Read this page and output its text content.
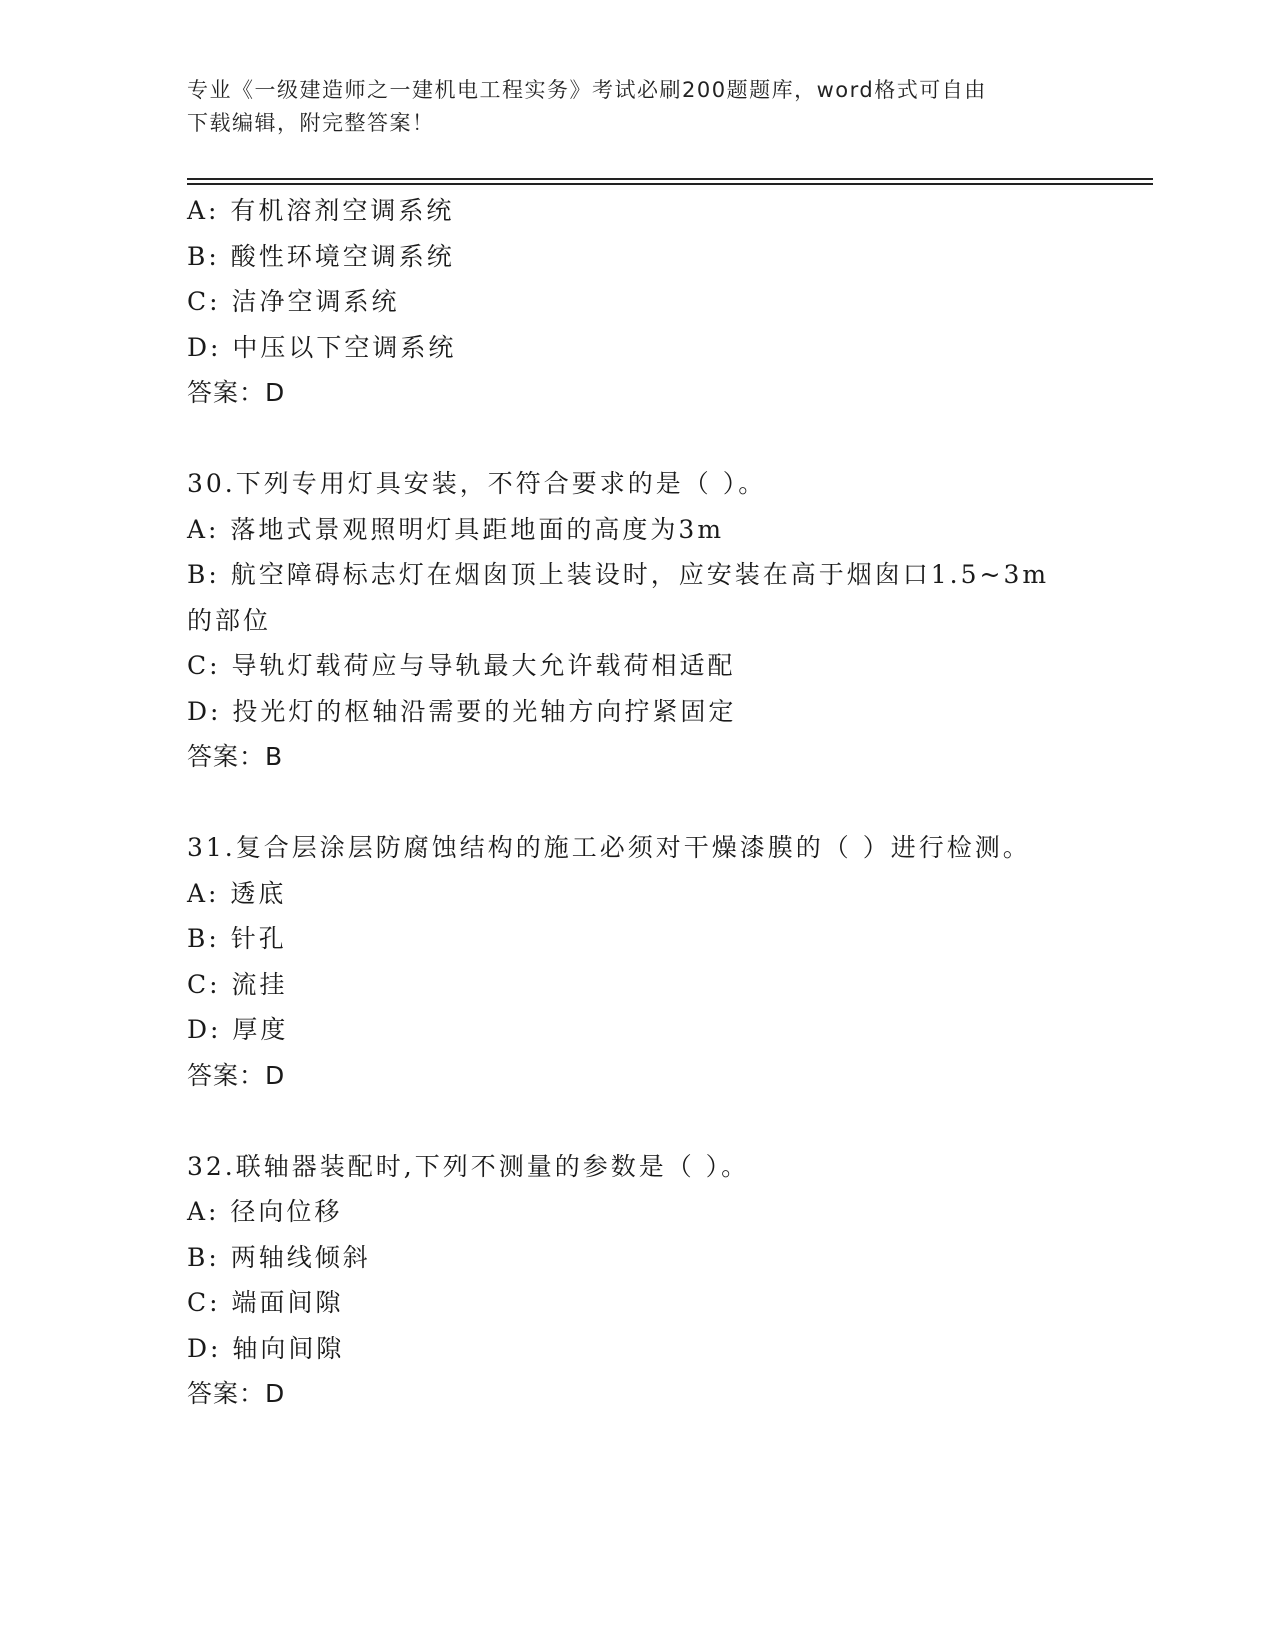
专业《一级建造师之一建机电工程实务》考试必刷200题题库，word格式可自由
下载编辑，附完整答案！
A: 有机溶剂空调系统
B: 酸性环境空调系统
C: 洁净空调系统
D: 中压以下空调系统
答案：D
30.下列专用灯具安装，不符合要求的是（ ）。
A: 落地式景观照明灯具距地面的高度为3m
B: 航空障碍标志灯在烟囱顶上装设时，应安装在高于烟囱口1.5~3m
的部位
C: 导轨灯载荷应与导轨最大允许载荷相适配
D: 投光灯的枢轴沿需要的光轴方向拧紧固定
答案：B
31.复合层涂层防腐蚀结构的施工必须对干燥漆膜的（ ）进行检测。
A: 透底
B: 针孔
C: 流挂
D: 厚度
答案：D
32.联轴器装配时,下列不测量的参数是（ ）。
A: 径向位移
B: 两轴线倾斜
C: 端面间隙
D: 轴向间隙
答案：D
